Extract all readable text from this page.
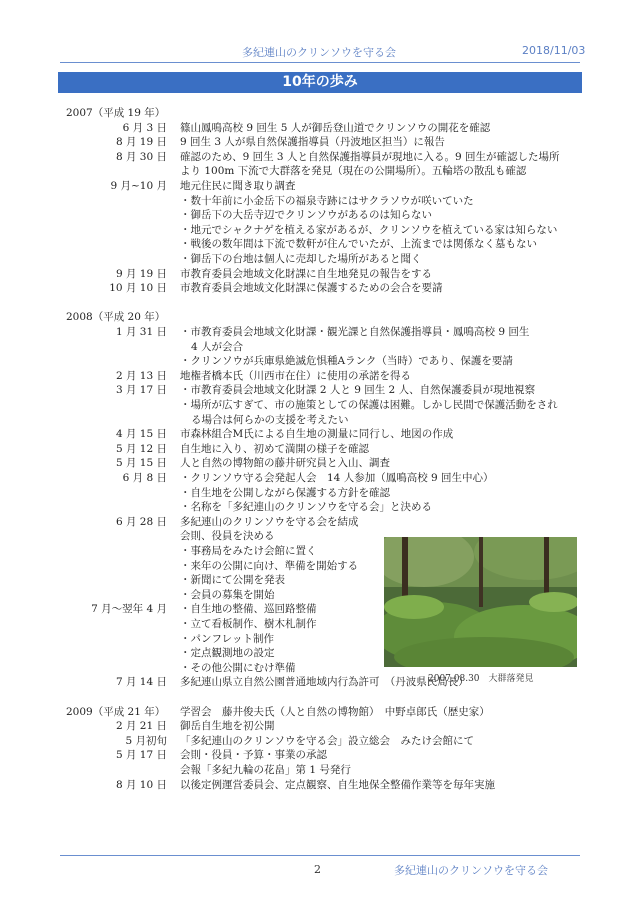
多紀連山のクリンソウを守る会	2018/11/03
10年の歩み
2007（平成 19 年）
6 月 3 日 篠山鳳鳴高校 9 回生 5 人が御岳登山道でクリンソウの開花を確認
8 月 19 日 9 回生 3 人が県自然保護指導員（丹波地区担当）に報告
8 月 30 日 確認のため、9 回生 3 人と自然保護指導員が現地に入る。9 回生が確認した場所
より 100m 下流で大群落を発見（現在の公開場所）。五輪塔の散乱も確認
9 月~10 月 地元住民に聞き取り調査
・数十年前に小金岳下の福泉寺跡にはサクラソウが咲いていた
・御岳下の大岳寺辺でクリンソウがあるのは知らない
・地元でシャクナゲを植える家があるが、クリンソウを植えている家は知らない
・戦後の数年間は下流で数軒が住んでいたが、上流までは関係なく墓もない
・御岳下の台地は個人に売却した場所があると聞く
9 月 19 日 市教育委員会地域文化財課に自生地発見の報告をする
10 月 10 日 市教育委員会地域文化財課に保護するための会合を要請
2008（平成 20 年）
1 月 31 日 ・市教育委員会地域文化財課・観光課と自然保護指導員・鳳鳴高校 9 回生
4 人が会合
・クリンソウが兵庫県絶滅危惧種Aランク（当時）であり、保護を要請
2 月 13 日 地権者橋本氏（川西市在住）に使用の承諾を得る
3 月 17 日 ・市教育委員会地域文化財課 2 人と 9 回生 2 人、自然保護委員が現地視察
・場所が広すぎて、市の施策としての保護は困難。しかし民間で保護活動をされ
る場合は何らかの支援を考えたい
4 月 15 日 市森林組合M氏による自生地の測量に同行し、地図の作成
5 月 12 日 自生地に入り、初めて満開の様子を確認
5 月 15 日 人と自然の博物館の藤井研究員と入山、調査
6 月 8 日 ・クリンソウ守る会発起人会　14 人参加（鳳鳴高校 9 回生中心）
・自生地を公開しながら保護する方針を確認
・名称を「多紀連山のクリンソウを守る会」と決める
6 月 28 日 多紀連山のクリンソウを守る会を結成
会則、役員を決める
・事務局をみたけ会館に置く
・来年の公開に向け、準備を開始する
・新聞にて公開を発表
・会員の募集を開始
7 月～翌年 4 月 ・自生地の整備、巡回路整備
・立て看板制作、樹木札制作
・パンフレット制作
・定点観測地の設定
・その他公開にむけ準備
7 月 14 日 多紀連山県立自然公園普通地域内行為許可　（丹波県民局長）
2009（平成 21 年） 学習会　藤井俊夫氏（人と自然の博物館）　中野卓郎氏（歴史家）
2 月 21 日 御岳自生地を初公開
5 月初旬 「多紀連山のクリンソウを守る会」設立総会　みたけ会館にて
5 月 17 日 会則・役員・予算・事業の承認
会報「多紀九輪の花畠」第 1 号発行
8 月 10 日 以後定例運営委員会、定点観察、自生地保全整備作業等を毎年実施
2007.08.30　大群落発見
2	多紀連山のクリンソウを守る会
